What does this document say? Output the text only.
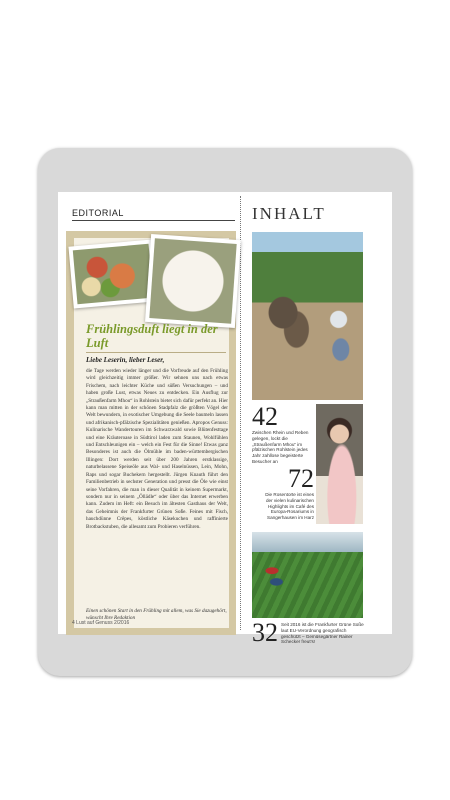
EDITORIAL
Frühlingsduft liegt in der Luft

Liebe Leserin, lieber Leser,

die Tage werden wieder länger und die Vorfreude auf den Frühling wird gleichzeitig immer größer. Wir sehnen uns nach etwas Frischem, nach leichter Küche und süßen Versuchungen – und haben große Lust, etwas Neues zu entdecken. Ein Ausflug zur „Straußenfarm Mhou“ in Rohlstein bietet sich dafür perfekt an. Hier kann man mitten in der schönen Stadpfalz die größten Vögel der Welt bewundern, in exotischer Umgebung die Seele baumeln lassen und afrikanisch-pfälzische Spezialitäten genießen. Apropos Genuss: Kulinarische Wandertouren im Schwarzwald sowie Blütenfesttage und eine Kräuteroase in Südtirol laden zum Staunen, Wohlfühlen und Entschleunigen ein – welch ein Fest für die Sinne! Etwas ganz Besonderes ist auch die Ölmühle im baden-württembergischen Illingen: Dort werden seit über 200 Jahren erstklassige, naturbelassene Speiseöle aus Wal- und Haselnüssen, Lein, Mohn, Raps und sogar Buchekern hergestellt. Jürgen Knauth führt den Familienbetrieb in sechster Generation und presst die Öle wie einst seine Vorfahren, die man in dieser Qualität in keinem Supermarkt, sondern nur in seinem „Öllädle“ oder über das Internet erwerben kann. Zudem im Heft: ein Besuch im ältesten Gasthaus der Welt, das Geheimnis der Frankfurter Grünen Soße. Feines mit Fisch, hauchdünne Crêpes, köstliche Käsekuchen und raffinierte Brotbackstuben, die allesamt zum Probieren verführen.

Einen schönen Start in den Frühling mit allem, was Sie dazugehört, wünscht Ihre Redaktion

4 Lust auf Genuss 2/2016
INHALT
42
Zwischen Rhein und Reben gelegen, lockt die „Straußenfarm Mhou“ im pfälzischen Rohlstein jedes Jahr zahllose begeisterte Besucher an
72
Die Rosentorte ist eines der vielen kulinarischen Highlights im Café des Europa-Rosariums in Sangerhausen im Harz
32 Seit 2016 ist die Frankfurter Grüne Soße laut EU-Verordnung geografisch geschützt – Gemüsegärtner Rainer Schecker freut's!
